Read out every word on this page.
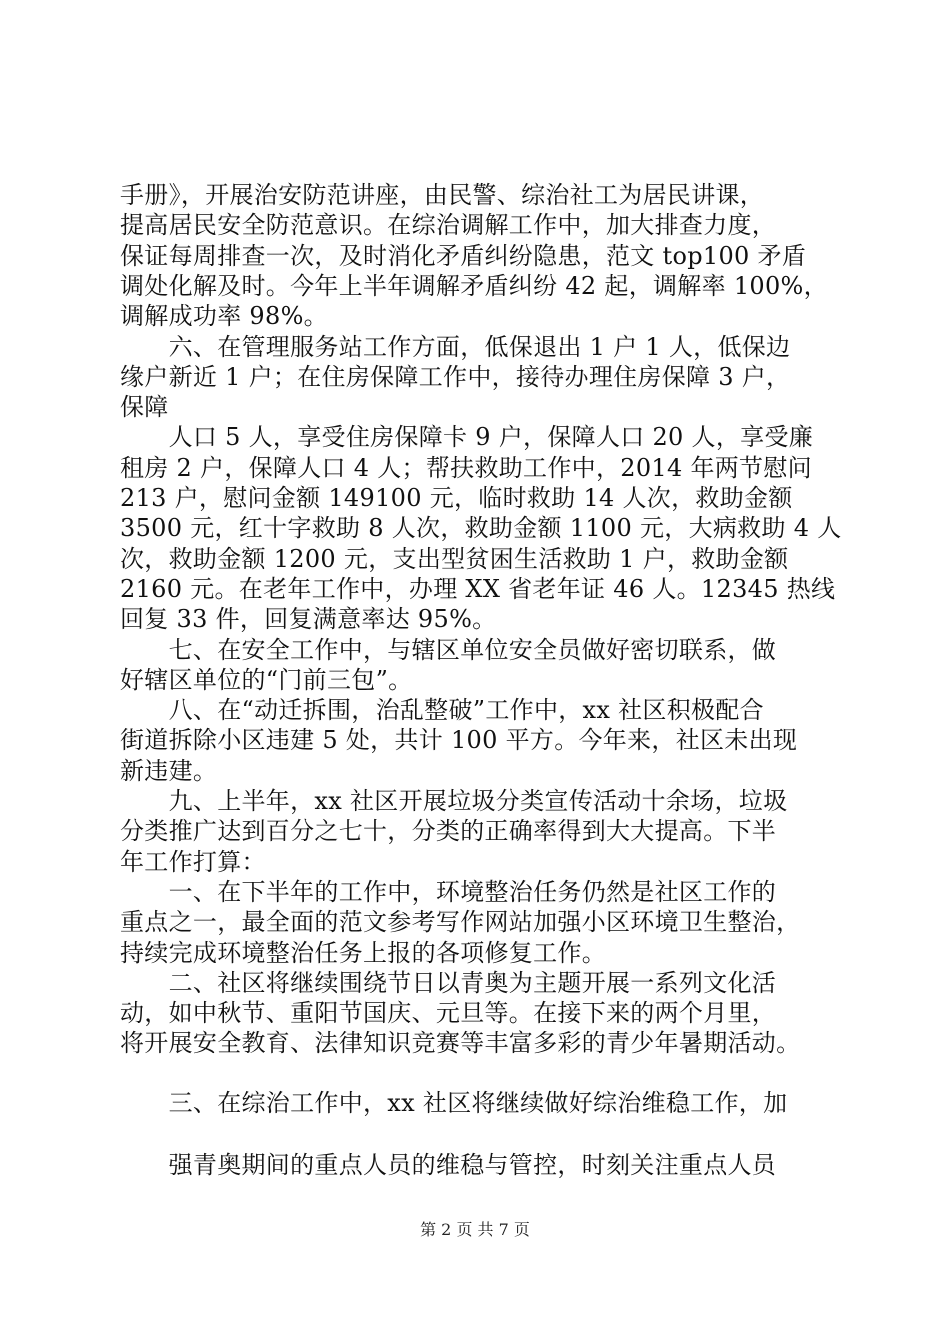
手册》，开展治安防范讲座，由民警、综治社工为居民讲课，
提高居民安全防范意识。在综治调解工作中，加大排查力度，
保证每周排查一次，及时消化矛盾纠纷隐患，范文 top100 矛盾
调处化解及时。今年上半年调解矛盾纠纷 42 起，调解率 100%，
调解成功率 98%。
　　六、在管理服务站工作方面，低保退出 1 户 1 人，低保边
缘户新近 1 户；在住房保障工作中，接待办理住房保障 3 户，
保障
　　人口 5 人，享受住房保障卡 9 户，保障人口 20 人，享受廉
租房 2 户，保障人口 4 人；帮扶救助工作中，2014 年两节慰问
213 户，慰问金额 149100 元，临时救助 14 人次，救助金额
3500 元，红十字救助 8 人次，救助金额 1100 元，大病救助 4 人
次，救助金额 1200 元，支出型贫困生活救助 1 户，救助金额
2160 元。在老年工作中，办理 XX 省老年证 46 人。12345 热线
回复 33 件，回复满意率达 95%。
　　七、在安全工作中，与辖区单位安全员做好密切联系，做
好辖区单位的“门前三包”。
　　八、在“动迁拆围，治乱整破”工作中，xx 社区积极配合
街道拆除小区违建 5 处，共计 100 平方。今年来，社区未出现
新违建。
　　九、上半年，xx 社区开展垃圾分类宣传活动十余场，垃圾
分类推广达到百分之七十，分类的正确率得到大大提高。下半
年工作打算：
　　一、在下半年的工作中，环境整治任务仍然是社区工作的
重点之一，最全面的范文参考写作网站加强小区环境卫生整治，
持续完成环境整治任务上报的各项修复工作。
　　二、社区将继续围绕节日以青奥为主题开展一系列文化活
动，如中秋节、重阳节国庆、元旦等。在接下来的两个月里，
将开展安全教育、法律知识竞赛等丰富多彩的青少年暑期活动。
　　三、在综治工作中，xx 社区将继续做好综治维稳工作，加
　　强青奥期间的重点人员的维稳与管控，时刻关注重点人员
第 2 页 共 7 页
